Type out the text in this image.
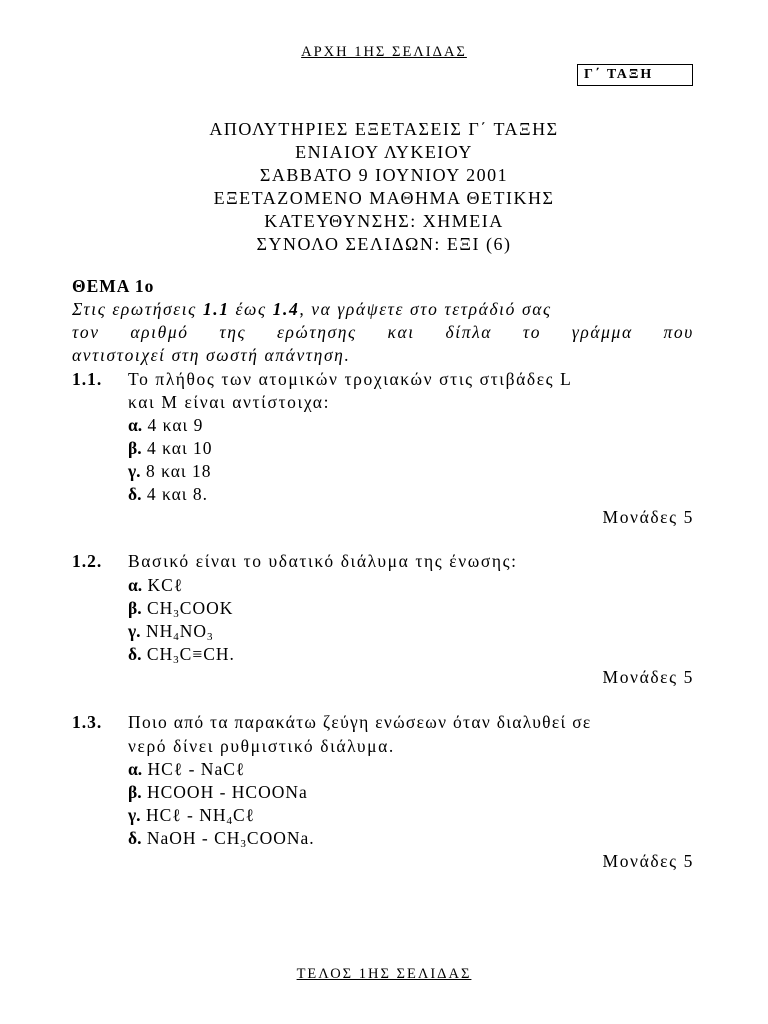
ΑΡΧΗ 1ΗΣ ΣΕΛΙΔΑΣ
Γ΄ ΤΑΞΗ
ΑΠΟΛΥΤΗΡΙΕΣ ΕΞΕΤΑΣΕΙΣ Γ΄ ΤΑΞΗΣ
ΕΝΙΑΙΟΥ ΛΥΚΕΙΟΥ
ΣΑΒΒΑΤΟ 9 ΙΟΥΝΙΟΥ 2001
ΕΞΕΤΑΖΟΜΕΝΟ ΜΑΘΗΜΑ ΘΕΤΙΚΗΣ
ΚΑΤΕΥΘΥΝΣΗΣ: ΧΗΜΕΙΑ
ΣΥΝΟΛΟ ΣΕΛΙΔΩΝ: ΕΞΙ (6)
ΘΕΜΑ 1ο
Στις ερωτήσεις 1.1 έως 1.4, να γράψετε στο τετράδιό σας
τον αριθμό της ερώτησης και δίπλα το γράμμα που
αντιστοιχεί στη σωστή απάντηση.
1.1. Το πλήθος των ατομικών τροχιακών στις στιβάδες L
και M είναι αντίστοιχα:
α. 4 και 9
β. 4 και 10
γ. 8 και 18
δ. 4 και 8.
Μονάδες 5
1.2. Βασικό είναι το υδατικό διάλυμα της ένωσης:
α. KCℓ
β. $CH_3COOK$
γ. $NH_4NO_3$
δ. $CH_3C\equiv CH$.
Μονάδες 5
1.3. Ποιο από τα παρακάτω ζεύγη ενώσεων όταν διαλυθεί σε
νερό δίνει ρυθμιστικό διάλυμα.
α. HCℓ - NaCℓ
β. HCOOH - HCOONa
γ. HCℓ - $NH_4C\ell$
δ. NaOH - $CH_3COONa$.
Μονάδες 5
ΤΕΛΟΣ 1ΗΣ ΣΕΛΙΔΑΣ
